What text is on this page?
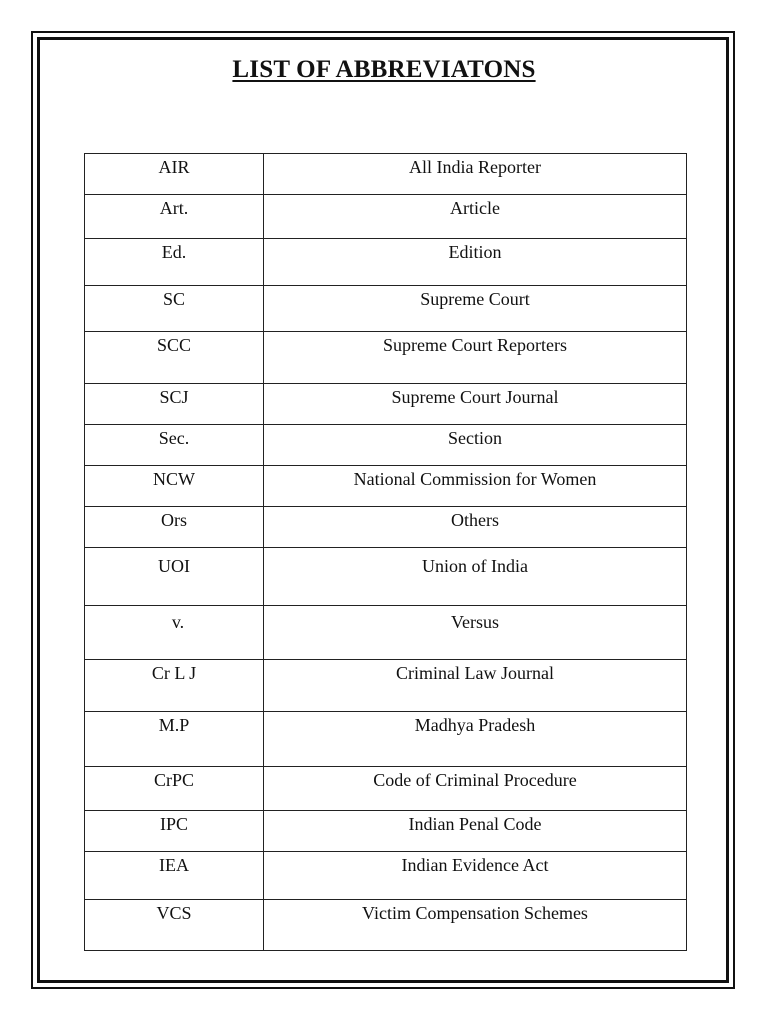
LIST OF ABBREVIATONS
AIR	All India Reporter
Art.	Article
Ed.	Edition
SC	Supreme Court
SCC	Supreme Court Reporters
SCJ	Supreme Court Journal
Sec.	Section
NCW	National Commission for Women
Ors	Others
UOI	Union of India
v.	Versus
Cr L J	Criminal Law Journal
M.P	Madhya Pradesh
CrPC	Code of Criminal Procedure
IPC	Indian Penal Code
IEA	Indian Evidence Act
VCS	Victim Compensation Schemes
